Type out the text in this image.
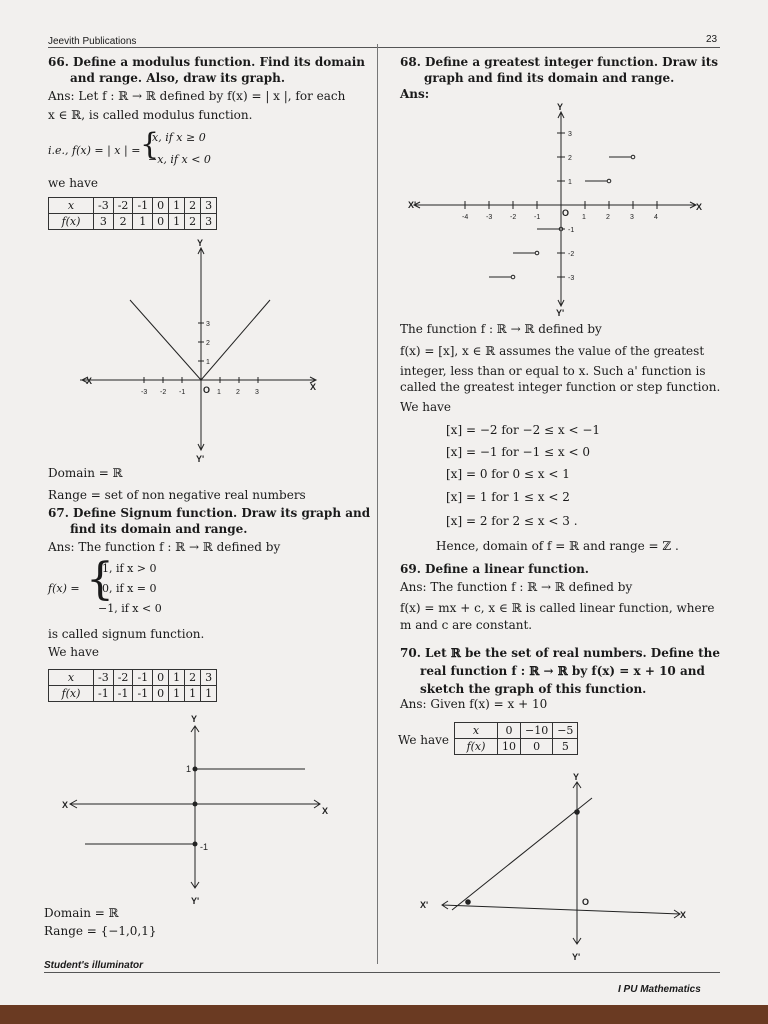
Jeevith Publications	23
66. Define a modulus function. Find its domain
and range. Also, draw its graph.
Ans: Let f : ℝ → ℝ defined by f(x) = | x |, for each
x ∈ ℝ, is called modulus function.
i.e., f(x) = | x | = {
x, if x ≥ 0
−x, if x < 0
we have
x	-3	-2	-1	0	1	2	3
f(x)	3	2	1	0	1	2	3
-3 -2 -1	1 2 3
1
2
3
X
X
Y
Y'
O
Domain = ℝ
Range = set of non negative real numbers
67. Define Signum function. Draw its graph and
find its domain and range.
Ans: The function f : ℝ → ℝ defined by
f(x) = {
1, if x > 0
0, if x = 0
−1, if x < 0
is called signum function.
We have
x	-3	-2	-1	0	1	2	3
f(x)	-1	-1	-1	0	1	1	1
1
-1
X
X
Y
Y'
Domain = ℝ
Range = {−1,0,1}
68. Define a greatest integer function. Draw its
graph and find its domain and range.
Ans:
-4	-3	-2	-1	1	2	3	4
3
2
1
-1
-2
-3
X'	X
Y
Y'
O
The function f : ℝ → ℝ defined by
f(x) = [x], x ∈ ℝ assumes the value of the greatest
integer, less than or equal to x. Such a' function is
called the greatest integer function or step function.
We have
[x] = −2 for −2 ≤ x < −1
[x] = −1 for −1 ≤ x < 0
[x] = 0 for 0 ≤ x < 1
[x] = 1 for 1 ≤ x < 2
[x] = 2 for 2 ≤ x < 3 .
Hence, domain of f = ℝ and range = ℤ .
69. Define a linear function.
Ans: The function f : ℝ → ℝ defined by
f(x) = mx + c, x ∈ ℝ is called linear function, where
m and c are constant.
70. Let ℝ be the set of real numbers. Define the
real function f : ℝ → ℝ by f(x) = x + 10 and
sketch the graph of this function.
Ans: Given f(x) = x + 10
We have
x	0	−10	−5
f(x)	10	0	5
X'
X
Y
Y'
O
Student's illuminator
I PU Mathematics
